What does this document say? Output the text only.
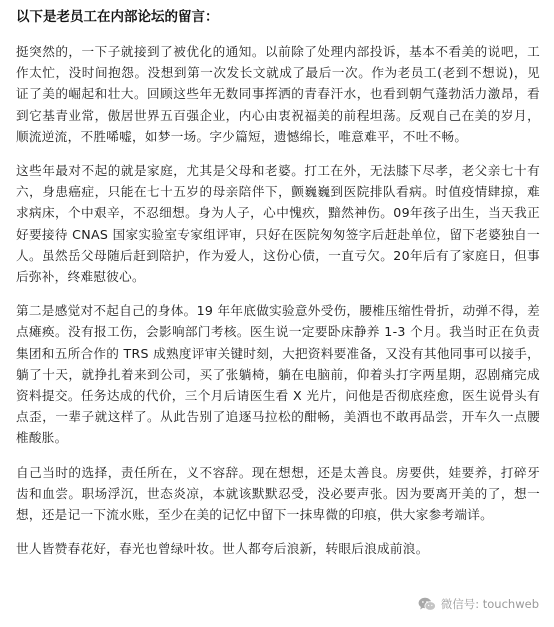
以下是老员工在内部论坛的留言：

挺突然的，一下子就接到了被优化的通知。以前除了处理内部投诉，基本不看美的说吧，工作太忙，没时间抱怨。没想到第一次发长文就成了最后一次。作为老员工(老到不想说)，见证了美的崛起和壮大。回顾这些年无数同事挥洒的青春汗水，也看到朝气蓬勃活力激昂，看到它基青业常，傲居世界五百强企业，内心由衷祝福美的前程坦荡。反观自己在美的岁月，顺流逆流，不胜唏嘘，如梦一场。字少篇短，遗憾绵长，唯意难平，不吐不畅。

这些年最对不起的就是家庭，尤其是父母和老婆。打工在外，无法膝下尽孝，老父亲七十有六，身患癌症，只能在七十五岁的母亲陪伴下，颤巍巍到医院排队看病。时值疫情肆掠，难求病床，个中艰辛，不忍细想。身为人子，心中愧疚，黯然神伤。09年孩子出生，当天我正好要接待 CNAS 国家实验室专家组评审，只好在医院匆匆签字后赶赴单位，留下老婆独自一人。虽然岳父母随后赶到陪护，作为爱人，这份心债，一直亏欠。20年后有了家庭日，但事后弥补，终难慰彼心。

第二是感觉对不起自己的身体。19 年年底做实验意外受伤，腰椎压缩性骨折，动弹不得，差点瘫痪。没有报工伤，会影响部门考核。医生说一定要卧床静养 1-3 个月。我当时正在负责集团和五所合作的 TRS 成熟度评审关键时刻，大把资料要准备，又没有其他同事可以接手，躺了十天，就挣扎着来到公司，买了张躺椅，躺在电脑前，仰着头打字两星期，忍剧痛完成资料提交。任务达成的代价，三个月后请医生看 X 光片，问他是否彻底痊愈，医生说骨头有点歪，一辈子就这样了。从此告别了追逐马拉松的酣畅，美酒也不敢再品尝，开车久一点腰椎酸胀。

自己当时的选择，责任所在，义不容辞。现在想想，还是太善良。房要供，娃要养，打碎牙齿和血尝。职场浮沉，世态炎凉，本就该默默忍受，没必要声张。因为要离开美的了，想一想，还是记一下流水账，至少在美的记忆中留下一抹卑微的印痕，供大家参考端详。

世人皆赞春花好，春光也曾绿叶妆。世人都夸后浪新，转眼后浪成前浪。

微信号: touchweb
